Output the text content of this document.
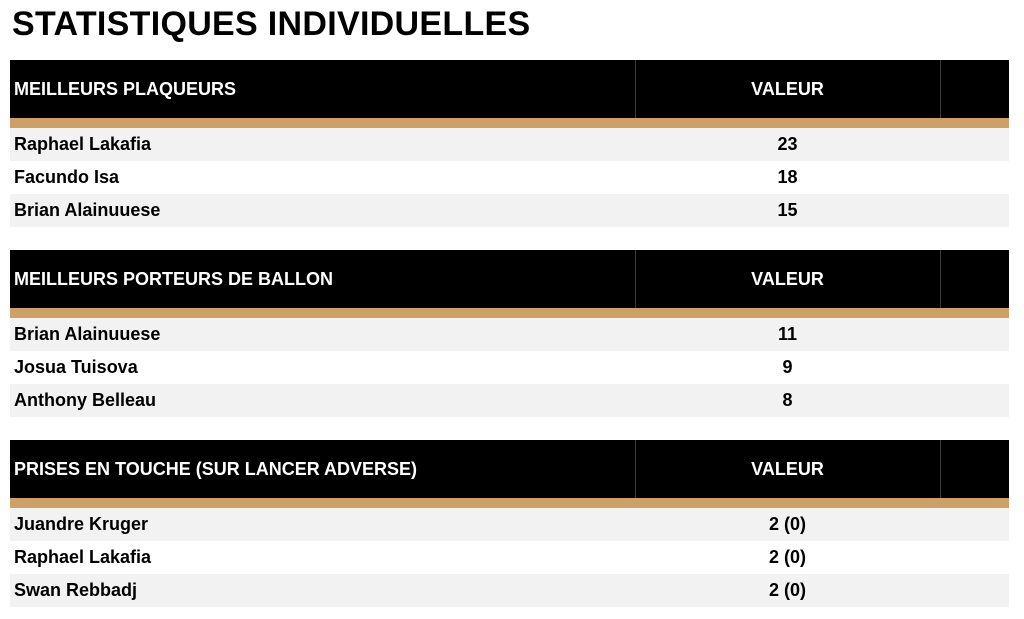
STATISTIQUES INDIVIDUELLES
MEILLEURS PLAQUEURS	VALEUR
Raphael Lakafia	23
Facundo Isa	18
Brian Alainuuese	15
MEILLEURS PORTEURS DE BALLON	VALEUR
Brian Alainuuese	11
Josua Tuisova	9
Anthony Belleau	8
PRISES EN TOUCHE (SUR LANCER ADVERSE)	VALEUR
Juandre Kruger	2 (0)
Raphael Lakafia	2 (0)
Swan Rebbadj	2 (0)
